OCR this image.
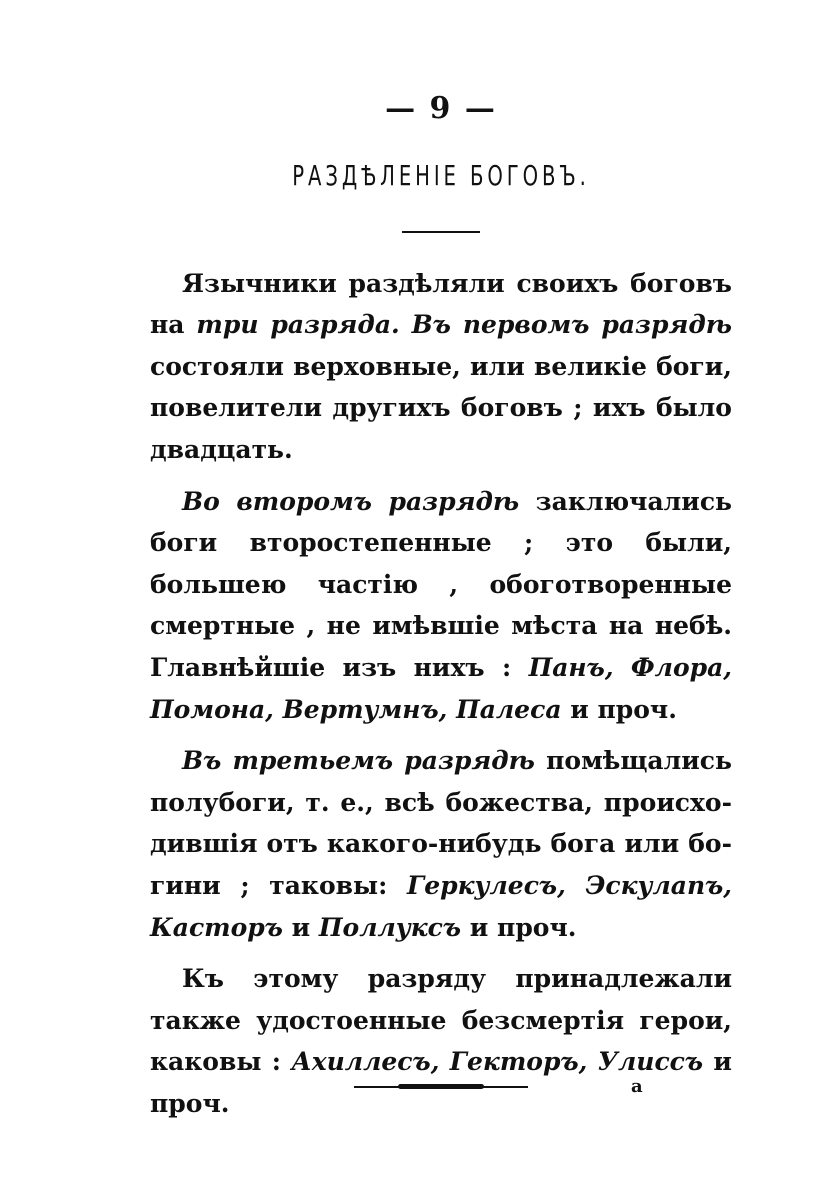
— 9 —
РАЗДѢЛЕНІЕ БОГОВЪ.

Язычники раздѣляли своихъ боговъ на три разряда. Въ первомъ разрядѣ состояли верховные, или великіе боги, повелители другихъ боговъ ; ихъ было двадцать.

Во второмъ разрядѣ заключались боги второстепенные ; это были, большею частію , обоготворенные смертные , не имѣвшіе мѣста на небѣ. Главнѣйшіе изъ нихъ : Панъ, Флора, Помона, Вертумнъ, Палеса и проч.

Въ третьемъ разрядѣ помѣщались полубоги, т. е., всѣ божества, происходившія отъ какого-нибудь бога или богини ; таковы: Геркулесъ, Эскулапъ, Касторъ и Поллуксъ и проч.

Къ этому разряду принадлежали также удостоенные безсмертія герои, каковы : Ахиллесъ, Гекторъ, Улиссъ и проч.

а
